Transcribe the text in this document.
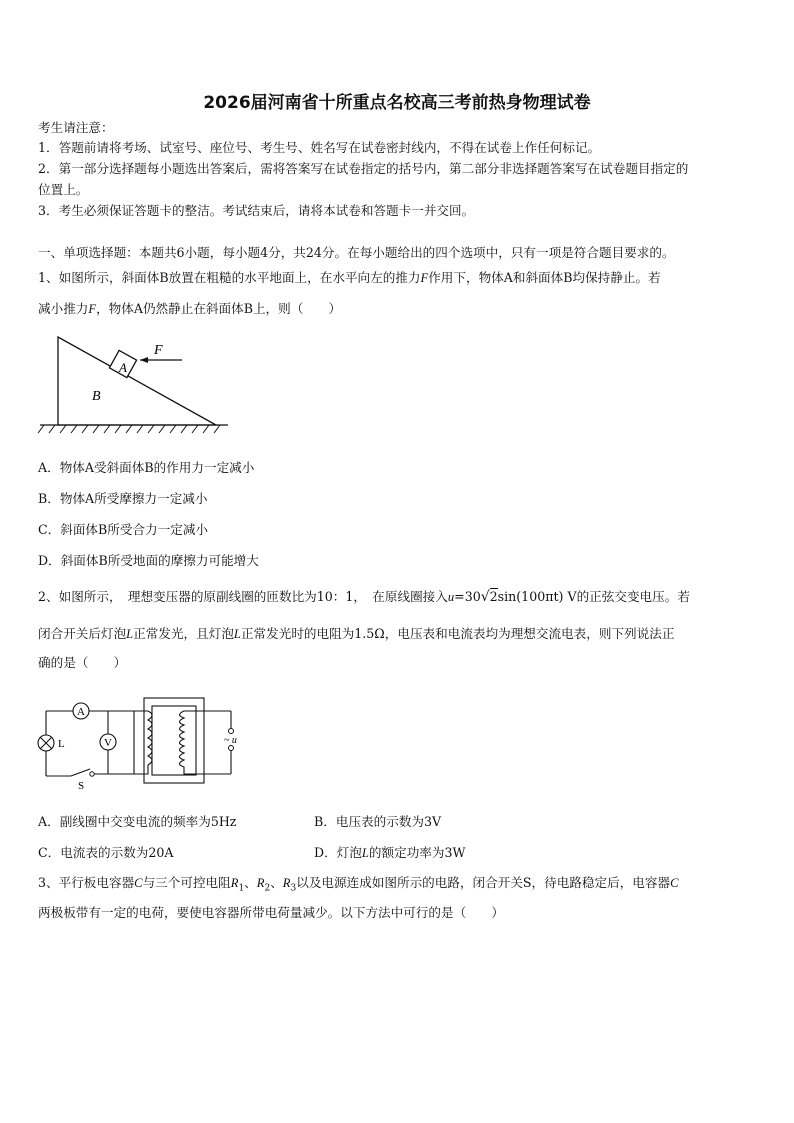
2026届河南省十所重点名校高三考前热身物理试卷
考生请注意：
1．答题前请将考场、试室号、座位号、考生号、姓名写在试卷密封线内，不得在试卷上作任何标记。
2．第一部分选择题每小题选出答案后，需将答案写在试卷指定的括号内，第二部分非选择题答案写在试卷题目指定的
位置上。
3．考生必须保证答题卡的整洁。考试结束后，请将本试卷和答题卡一并交回。
一、单项选择题：本题共6小题，每小题4分，共24分。在每小题给出的四个选项中，只有一项是符合题目要求的。
1、如图所示，斜面体B放置在粗糙的水平地面上，在水平向左的推力F作用下，物体A和斜面体B均保持静止。若
减小推力F，物体A仍然静止在斜面体B上，则（　　）
A
B
F
A．物体A受斜面体B的作用力一定减小
B．物体A所受摩擦力一定减小
C．斜面体B所受合力一定减小
D．斜面体B所受地面的摩擦力可能增大
2、如图所示，　理想变压器的原副线圈的匝数比为10：1，　在原线圈接入u=30√2sin(100πt) V的正弦交变电压。若
闭合开关后灯泡L正常发光，且灯泡L正常发光时的电阻为1.5Ω，电压表和电流表均为理想交流电表，则下列说法正
确的是（　　）
A
V
L
S
~ u
A．副线圈中交变电流的频率为5Hz	B．电压表的示数为3V
C．电流表的示数为20A	D．灯泡L的额定功率为3W
3、平行板电容器C与三个可控电阻$R_1$、$R_2$、$R_3$以及电源连成如图所示的电路，闭合开关S，待电路稳定后，电容器C
两极板带有一定的电荷，要使电容器所带电荷量减少。以下方法中可行的是（　　）
